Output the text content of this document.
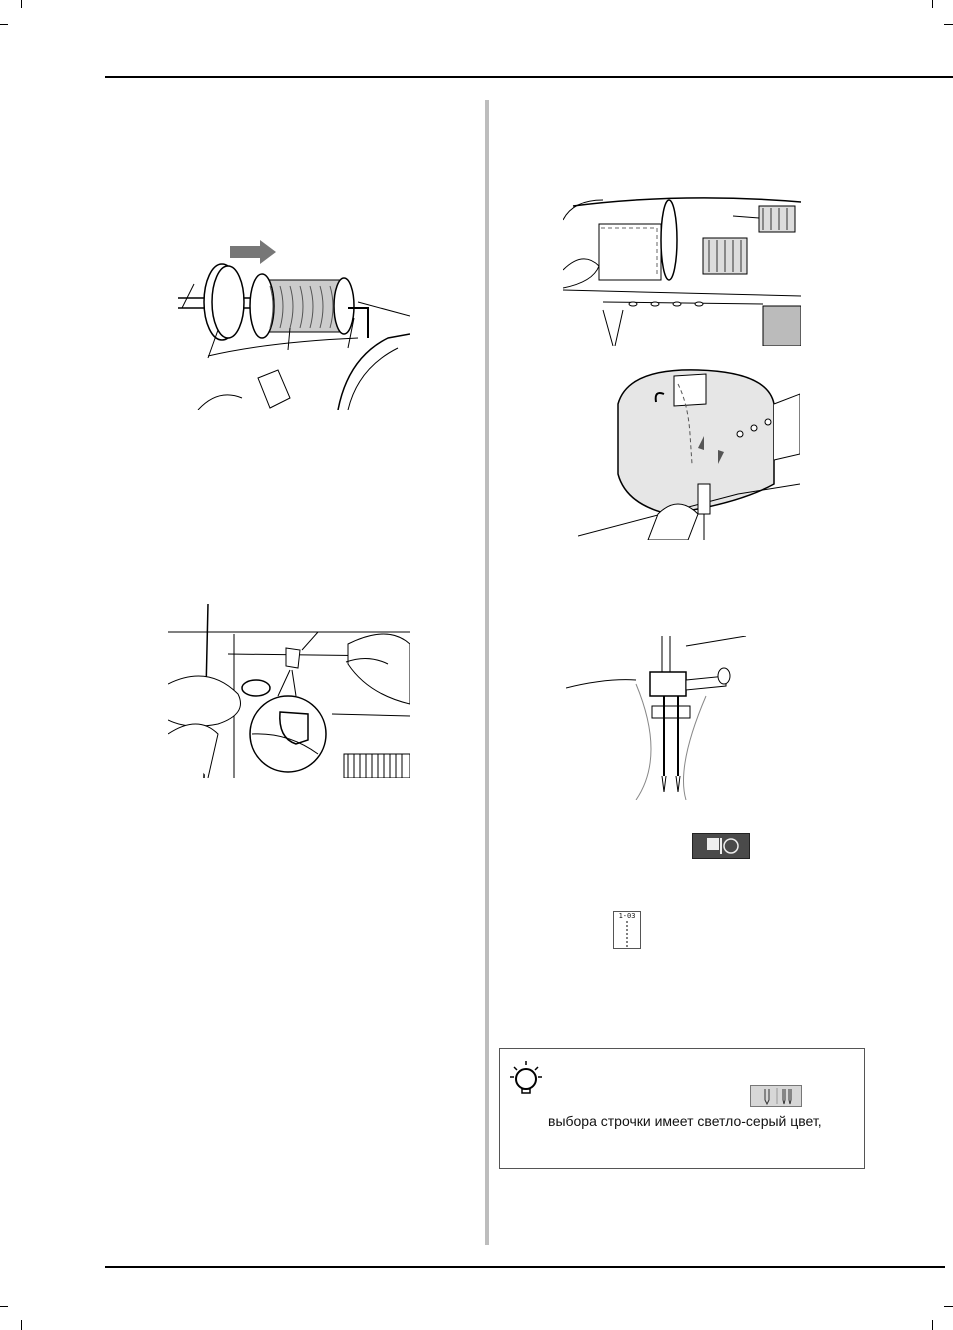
1-03
выбора строчки имеет светло-серый цвет,
